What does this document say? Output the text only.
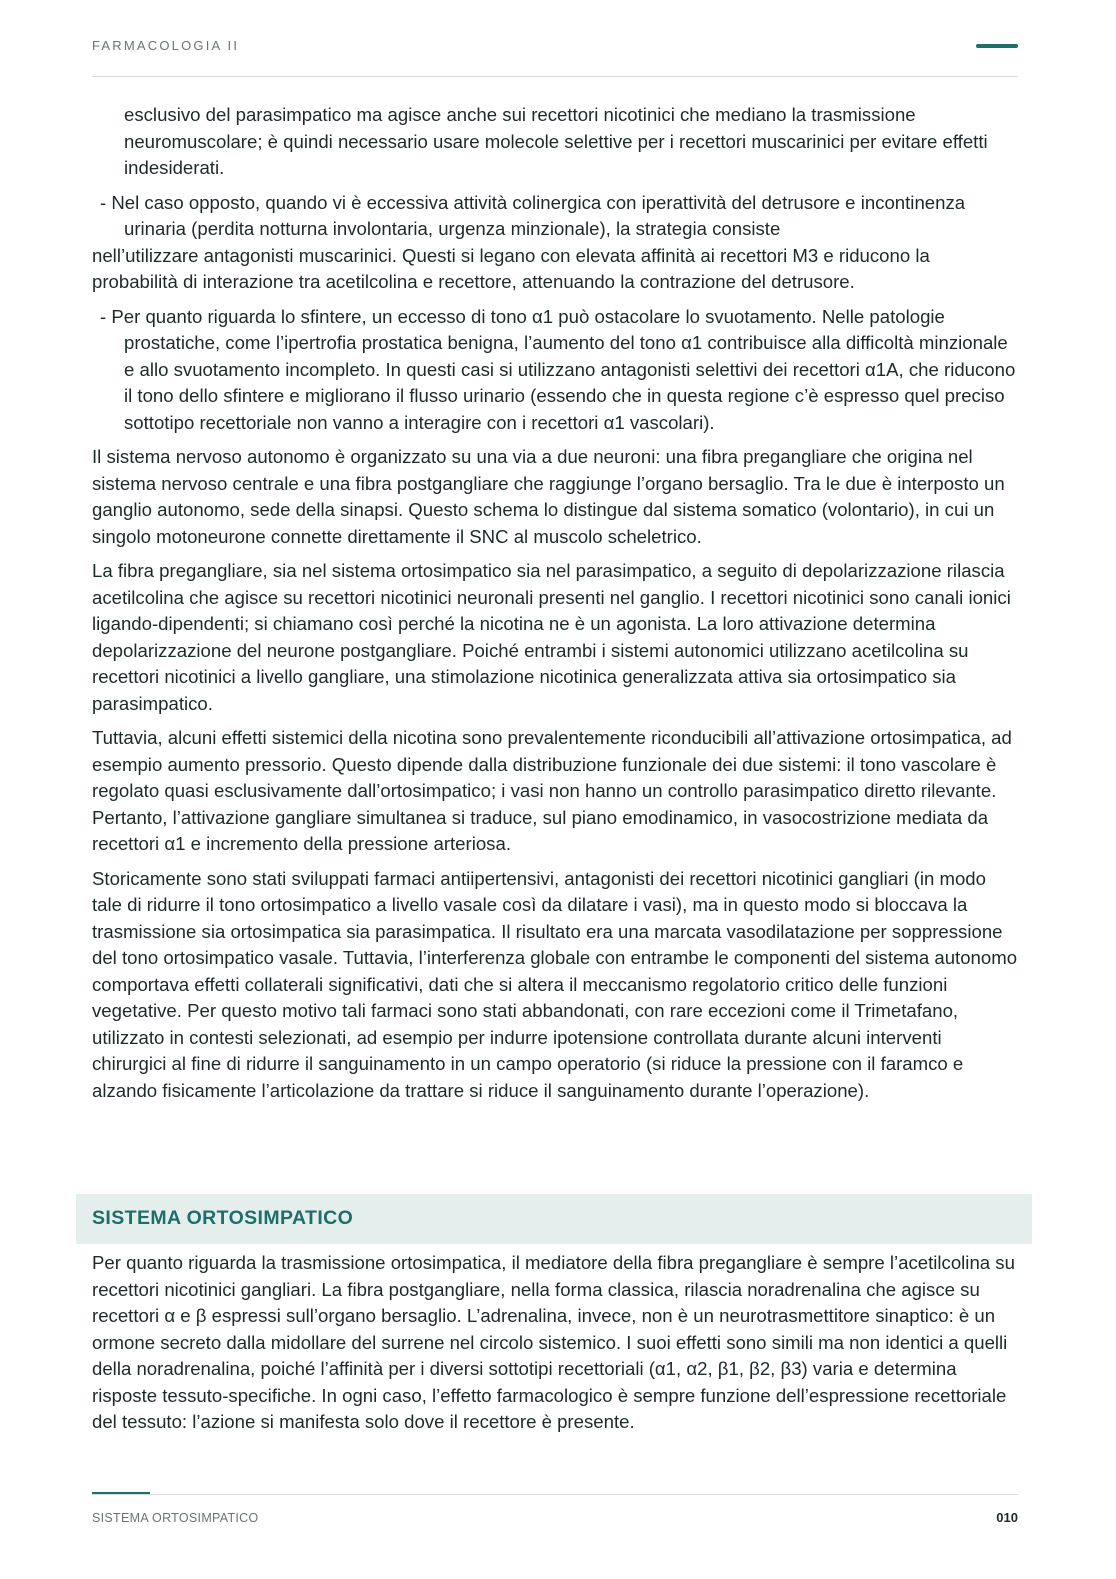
FARMACOLOGIA II

esclusivo del parasimpatico ma agisce anche sui recettori nicotinici che mediano la trasmissione neuromuscolare; è quindi necessario usare molecole selettive per i recettori muscarinici per evitare effetti indesiderati.

- Nel caso opposto, quando vi è eccessiva attività colinergica con iperattività del detrusore e incontinenza urinaria (perdita notturna involontaria, urgenza minzionale), la strategia consiste

nell’utilizzare antagonisti muscarinici. Questi si legano con elevata affinità ai recettori M3 e riducono la probabilità di interazione tra acetilcolina e recettore, attenuando la contrazione del detrusore.

- Per quanto riguarda lo sfintere, un eccesso di tono α1 può ostacolare lo svuotamento. Nelle patologie prostatiche, come l’ipertrofia prostatica benigna, l’aumento del tono α1 contribuisce alla difficoltà minzionale e allo svuotamento incompleto. In questi casi si utilizzano antagonisti selettivi dei recettori α1A, che riducono il tono dello sfintere e migliorano il flusso urinario (essendo che in questa regione c’è espresso quel preciso sottotipo recettoriale non vanno a interagire con i recettori α1 vascolari).

Il sistema nervoso autonomo è organizzato su una via a due neuroni: una fibra pregangliare che origina nel sistema nervoso centrale e una fibra postgangliare che raggiunge l’organo bersaglio. Tra le due è interposto un ganglio autonomo, sede della sinapsi. Questo schema lo distingue dal sistema somatico (volontario), in cui un singolo motoneurone connette direttamente il SNC al muscolo scheletrico.

La fibra pregangliare, sia nel sistema ortosimpatico sia nel parasimpatico, a seguito di depolarizzazione rilascia acetilcolina che agisce su recettori nicotinici neuronali presenti nel ganglio. I recettori nicotinici sono canali ionici ligando-dipendenti; si chiamano così perché la nicotina ne è un agonista. La loro attivazione determina depolarizzazione del neurone postgangliare. Poiché entrambi i sistemi autonomici utilizzano acetilcolina su recettori nicotinici a livello gangliare, una stimolazione nicotinica generalizzata attiva sia ortosimpatico sia parasimpatico.

Tuttavia, alcuni effetti sistemici della nicotina sono prevalentemente riconducibili all’attivazione ortosimpatica, ad esempio aumento pressorio. Questo dipende dalla distribuzione funzionale dei due sistemi: il tono vascolare è regolato quasi esclusivamente dall’ortosimpatico; i vasi non hanno un controllo parasimpatico diretto rilevante. Pertanto, l’attivazione gangliare simultanea si traduce, sul piano emodinamico, in vasocostrizione mediata da recettori α1 e incremento della pressione arteriosa.

Storicamente sono stati sviluppati farmaci antiipertensivi, antagonisti dei recettori nicotinici gangliari (in modo tale di ridurre il tono ortosimpatico a livello vasale così da dilatare i vasi), ma in questo modo si bloccava la trasmissione sia ortosimpatica sia parasimpatica. Il risultato era una marcata vasodilatazione per soppressione del tono ortosimpatico vasale. Tuttavia, l’interferenza globale con entrambe le componenti del sistema autonomo comportava effetti collaterali significativi, dati che si altera il meccanismo regolatorio critico delle funzioni vegetative. Per questo motivo tali farmaci sono stati abbandonati, con rare eccezioni come il Trimetafano, utilizzato in contesti selezionati, ad esempio per indurre ipotensione controllata durante alcuni interventi chirurgici al fine di ridurre il sanguinamento in un campo operatorio (si riduce la pressione con il faramco e alzando fisicamente l’articolazione da trattare si riduce il sanguinamento durante l’operazione).

SISTEMA ORTOSIMPATICO

Per quanto riguarda la trasmissione ortosimpatica, il mediatore della fibra pregangliare è sempre l’acetilcolina su recettori nicotinici gangliari. La fibra postgangliare, nella forma classica, rilascia noradrenalina che agisce su recettori α e β espressi sull’organo bersaglio. L’adrenalina, invece, non è un neurotrasmettitore sinaptico: è un ormone secreto dalla midollare del surrene nel circolo sistemico. I suoi effetti sono simili ma non identici a quelli della noradrenalina, poiché l’affinità per i diversi sottotipi recettoriali (α1, α2, β1, β2, β3) varia e determina risposte tessuto-specifiche. In ogni caso, l’effetto farmacologico è sempre funzione dell’espressione recettoriale del tessuto: l’azione si manifesta solo dove il recettore è presente.

SISTEMA ORTOSIMPATICO	010
